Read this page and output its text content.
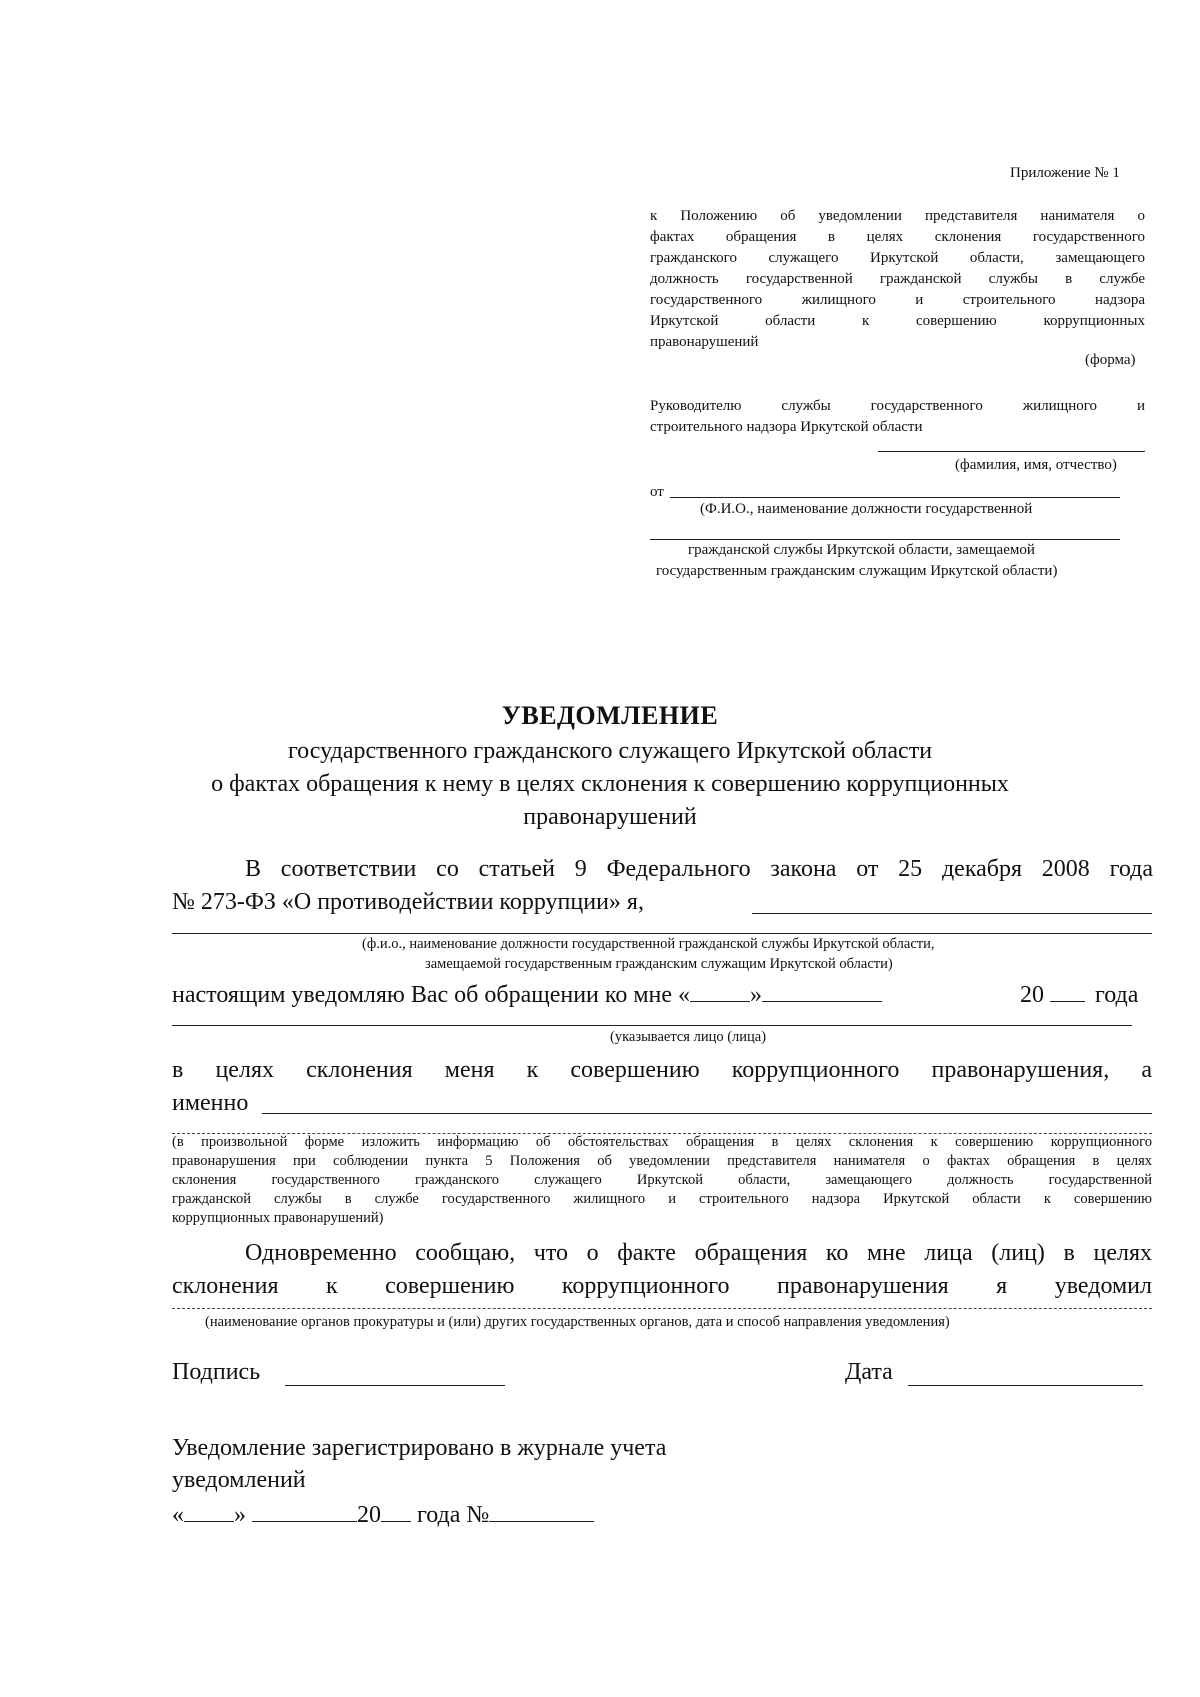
Приложение № 1
к Положению об уведомлении представителя нанимателя о
фактах обращения в целях склонения государственного
гражданского служащего Иркутской области, замещающего
должность государственной гражданской службы в службе
государственного жилищного и строительного надзора
Иркутской области к совершению коррупционных
правонарушений
(форма)
Руководителю службы государственного жилищного и
строительного надзора Иркутской области
(фамилия, имя, отчество)
от
(Ф.И.О., наименование должности государственной
гражданской службы Иркутской области, замещаемой
государственным гражданским служащим Иркутской области)
УВЕДОМЛЕНИЕ
государственного гражданского служащего Иркутской области
о фактах обращения к нему в целях склонения к совершению коррупционных
правонарушений
В соответствии со статьей 9 Федерального закона от 25 декабря 2008 года
№ 273-ФЗ «О противодействии коррупции» я,
(ф.и.о., наименование должности государственной гражданской службы Иркутской области,
замещаемой государственным гражданским служащим Иркутской области)
настоящим уведомляю Вас об обращении ко мне «	»	20 года
(указывается лицо (лица)
в целях склонения меня к совершению коррупционного правонарушения, а
именно
(в произвольной форме изложить информацию об обстоятельствах обращения в целях склонения к совершению коррупционного
правонарушения при соблюдении пункта 5 Положения об уведомлении представителя нанимателя о фактах обращения в целях
склонения государственного гражданского служащего Иркутской области, замещающего должность государственной
гражданской службы в службе государственного жилищного и строительного надзора Иркутской области к совершению
коррупционных правонарушений)
Одновременно сообщаю, что о факте обращения ко мне лица (лиц) в целях
склонения к совершению коррупционного правонарушения я уведомил
(наименование органов прокуратуры и (или) других государственных органов, дата и способ направления уведомления)
Подпись	Дата
Уведомление зарегистрировано в журнале учета
уведомлений
« »	20 года №
